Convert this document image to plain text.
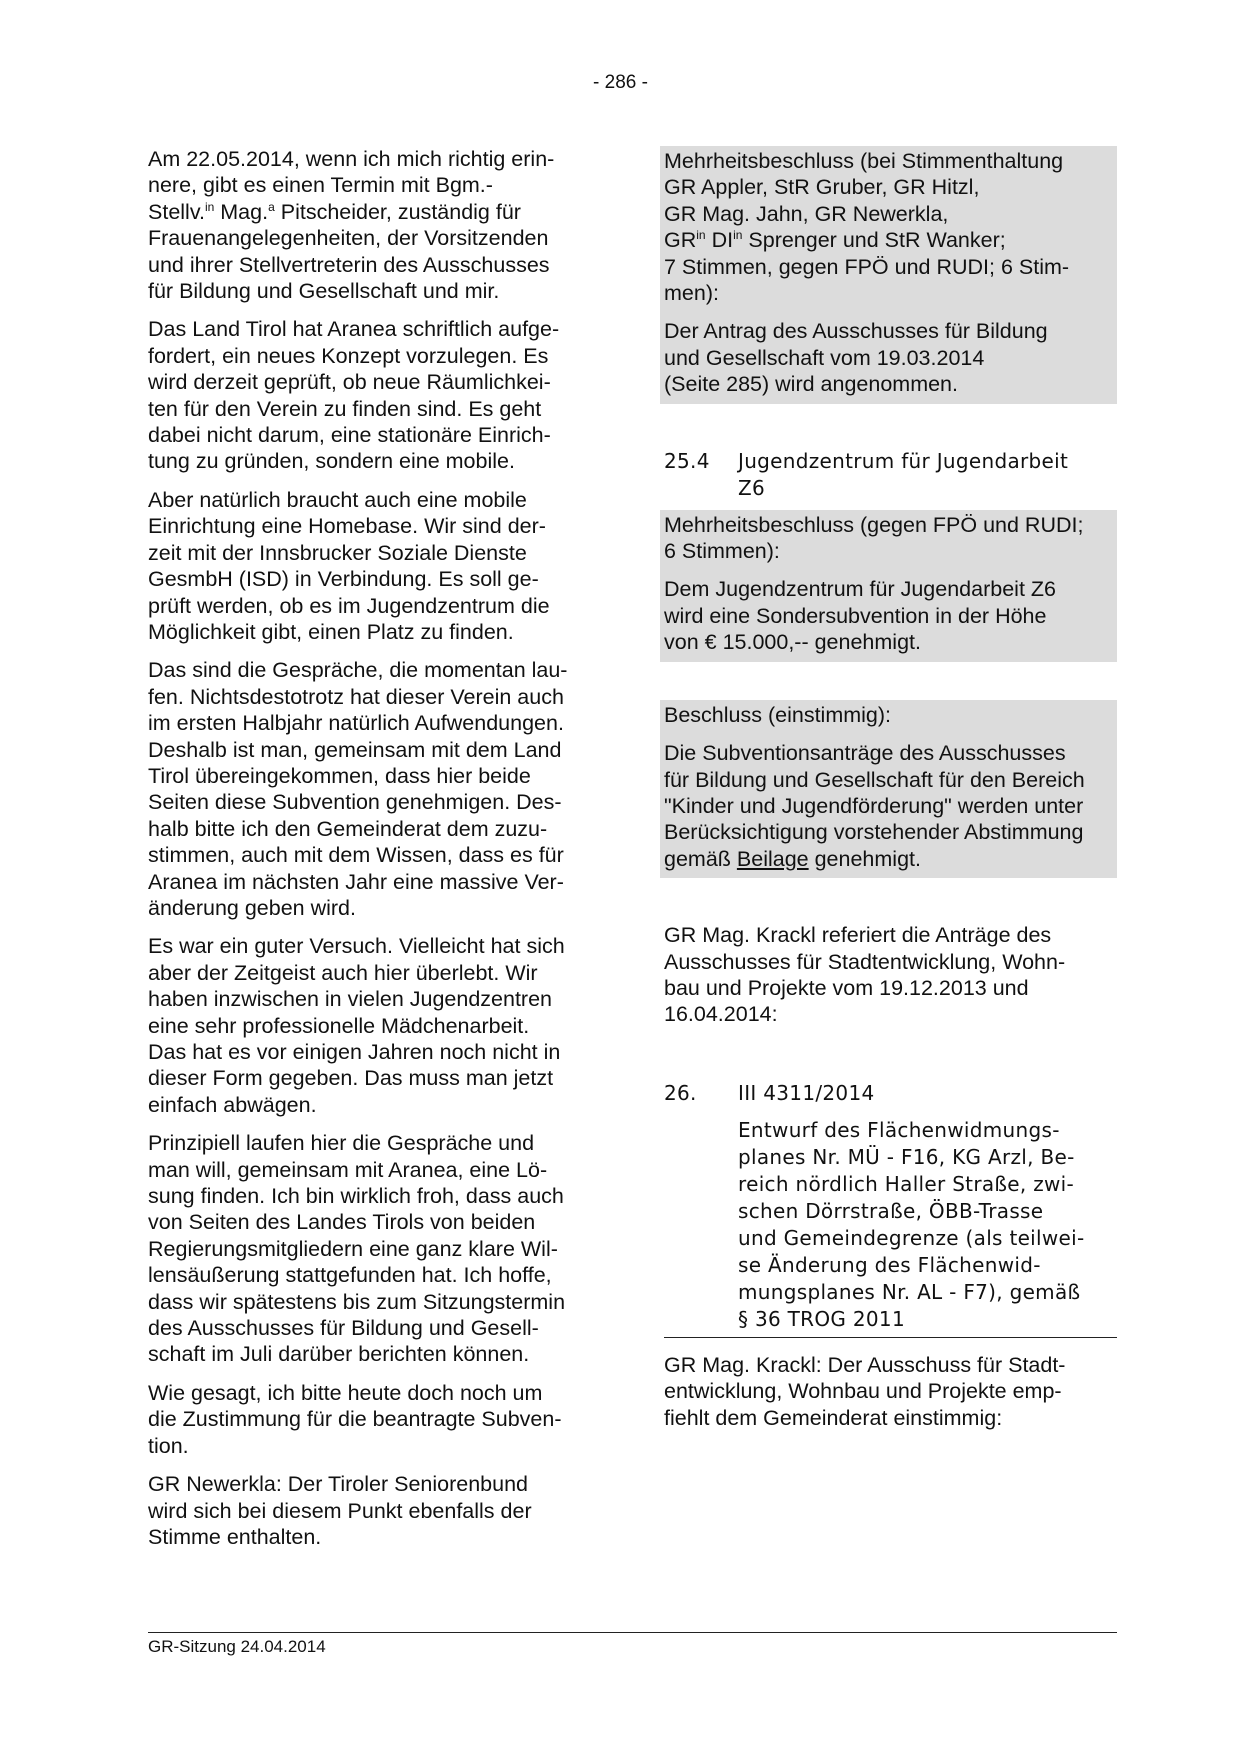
- 286 -

Am 22.05.2014, wenn ich mich richtig erin-
nere, gibt es einen Termin mit Bgm.-
Stellv.$^{in}$ Mag.$^a$ Pitscheider, zuständig für
Frauenangelegenheiten, der Vorsitzenden
und ihrer Stellvertreterin des Ausschusses
für Bildung und Gesellschaft und mir.

Das Land Tirol hat Aranea schriftlich aufge-
fordert, ein neues Konzept vorzulegen. Es
wird derzeit geprüft, ob neue Räumlichkei-
ten für den Verein zu finden sind. Es geht
dabei nicht darum, eine stationäre Einrich-
tung zu gründen, sondern eine mobile.

Aber natürlich braucht auch eine mobile
Einrichtung eine Homebase. Wir sind der-
zeit mit der Innsbrucker Soziale Dienste
GesmbH (ISD) in Verbindung. Es soll ge-
prüft werden, ob es im Jugendzentrum die
Möglichkeit gibt, einen Platz zu finden.

Das sind die Gespräche, die momentan lau-
fen. Nichtsdestotrotz hat dieser Verein auch
im ersten Halbjahr natürlich Aufwendungen.
Deshalb ist man, gemeinsam mit dem Land
Tirol übereingekommen, dass hier beide
Seiten diese Subvention genehmigen. Des-
halb bitte ich den Gemeinderat dem zuzu-
stimmen, auch mit dem Wissen, dass es für
Aranea im nächsten Jahr eine massive Ver-
änderung geben wird.

Es war ein guter Versuch. Vielleicht hat sich
aber der Zeitgeist auch hier überlebt. Wir
haben inzwischen in vielen Jugendzentren
eine sehr professionelle Mädchenarbeit.
Das hat es vor einigen Jahren noch nicht in
dieser Form gegeben. Das muss man jetzt
einfach abwägen.

Prinzipiell laufen hier die Gespräche und
man will, gemeinsam mit Aranea, eine Lö-
sung finden. Ich bin wirklich froh, dass auch
von Seiten des Landes Tirols von beiden
Regierungsmitgliedern eine ganz klare Wil-
lensäußerung stattgefunden hat. Ich hoffe,
dass wir spätestens bis zum Sitzungstermin
des Ausschusses für Bildung und Gesell-
schaft im Juli darüber berichten können.

Wie gesagt, ich bitte heute doch noch um
die Zustimmung für die beantragte Subven-
tion.

GR Newerkla: Der Tiroler Seniorenbund
wird sich bei diesem Punkt ebenfalls der
Stimme enthalten.

Mehrheitsbeschluss (bei Stimmenthaltung
GR Appler, StR Gruber, GR Hitzl,
GR Mag. Jahn, GR Newerkla,
$GR^{in}$ $DI^{in}$ Sprenger und StR Wanker;
7 Stimmen, gegen FPÖ und RUDI; 6 Stim-
men):

Der Antrag des Ausschusses für Bildung
und Gesellschaft vom 19.03.2014
(Seite 285) wird angenommen.

25.4	Jugendzentrum für Jugendarbeit
Z6

Mehrheitsbeschluss (gegen FPÖ und RUDI;
6 Stimmen):

Dem Jugendzentrum für Jugendarbeit Z6
wird eine Sondersubvention in der Höhe
von € 15.000,-- genehmigt.

Beschluss (einstimmig):

Die Subventionsanträge des Ausschusses
für Bildung und Gesellschaft für den Bereich
"Kinder und Jugendförderung" werden unter
Berücksichtigung vorstehender Abstimmung
gemäß Beilage genehmigt.

GR Mag. Krackl referiert die Anträge des
Ausschusses für Stadtentwicklung, Wohn-
bau und Projekte vom 19.12.2013 und
16.04.2014:

26.	III 4311/2014
Entwurf des Flächenwidmungs-
planes Nr. MÜ - F16, KG Arzl, Be-
reich nördlich Haller Straße, zwi-
schen Dörrstraße, ÖBB-Trasse
und Gemeindegrenze (als teilwei-
se Änderung des Flächenwid-
mungsplanes Nr. AL - F7), gemäß
§ 36 TROG 2011

GR Mag. Krackl: Der Ausschuss für Stadt-
entwicklung, Wohnbau und Projekte emp-
fiehlt dem Gemeinderat einstimmig:

GR-Sitzung 24.04.2014
